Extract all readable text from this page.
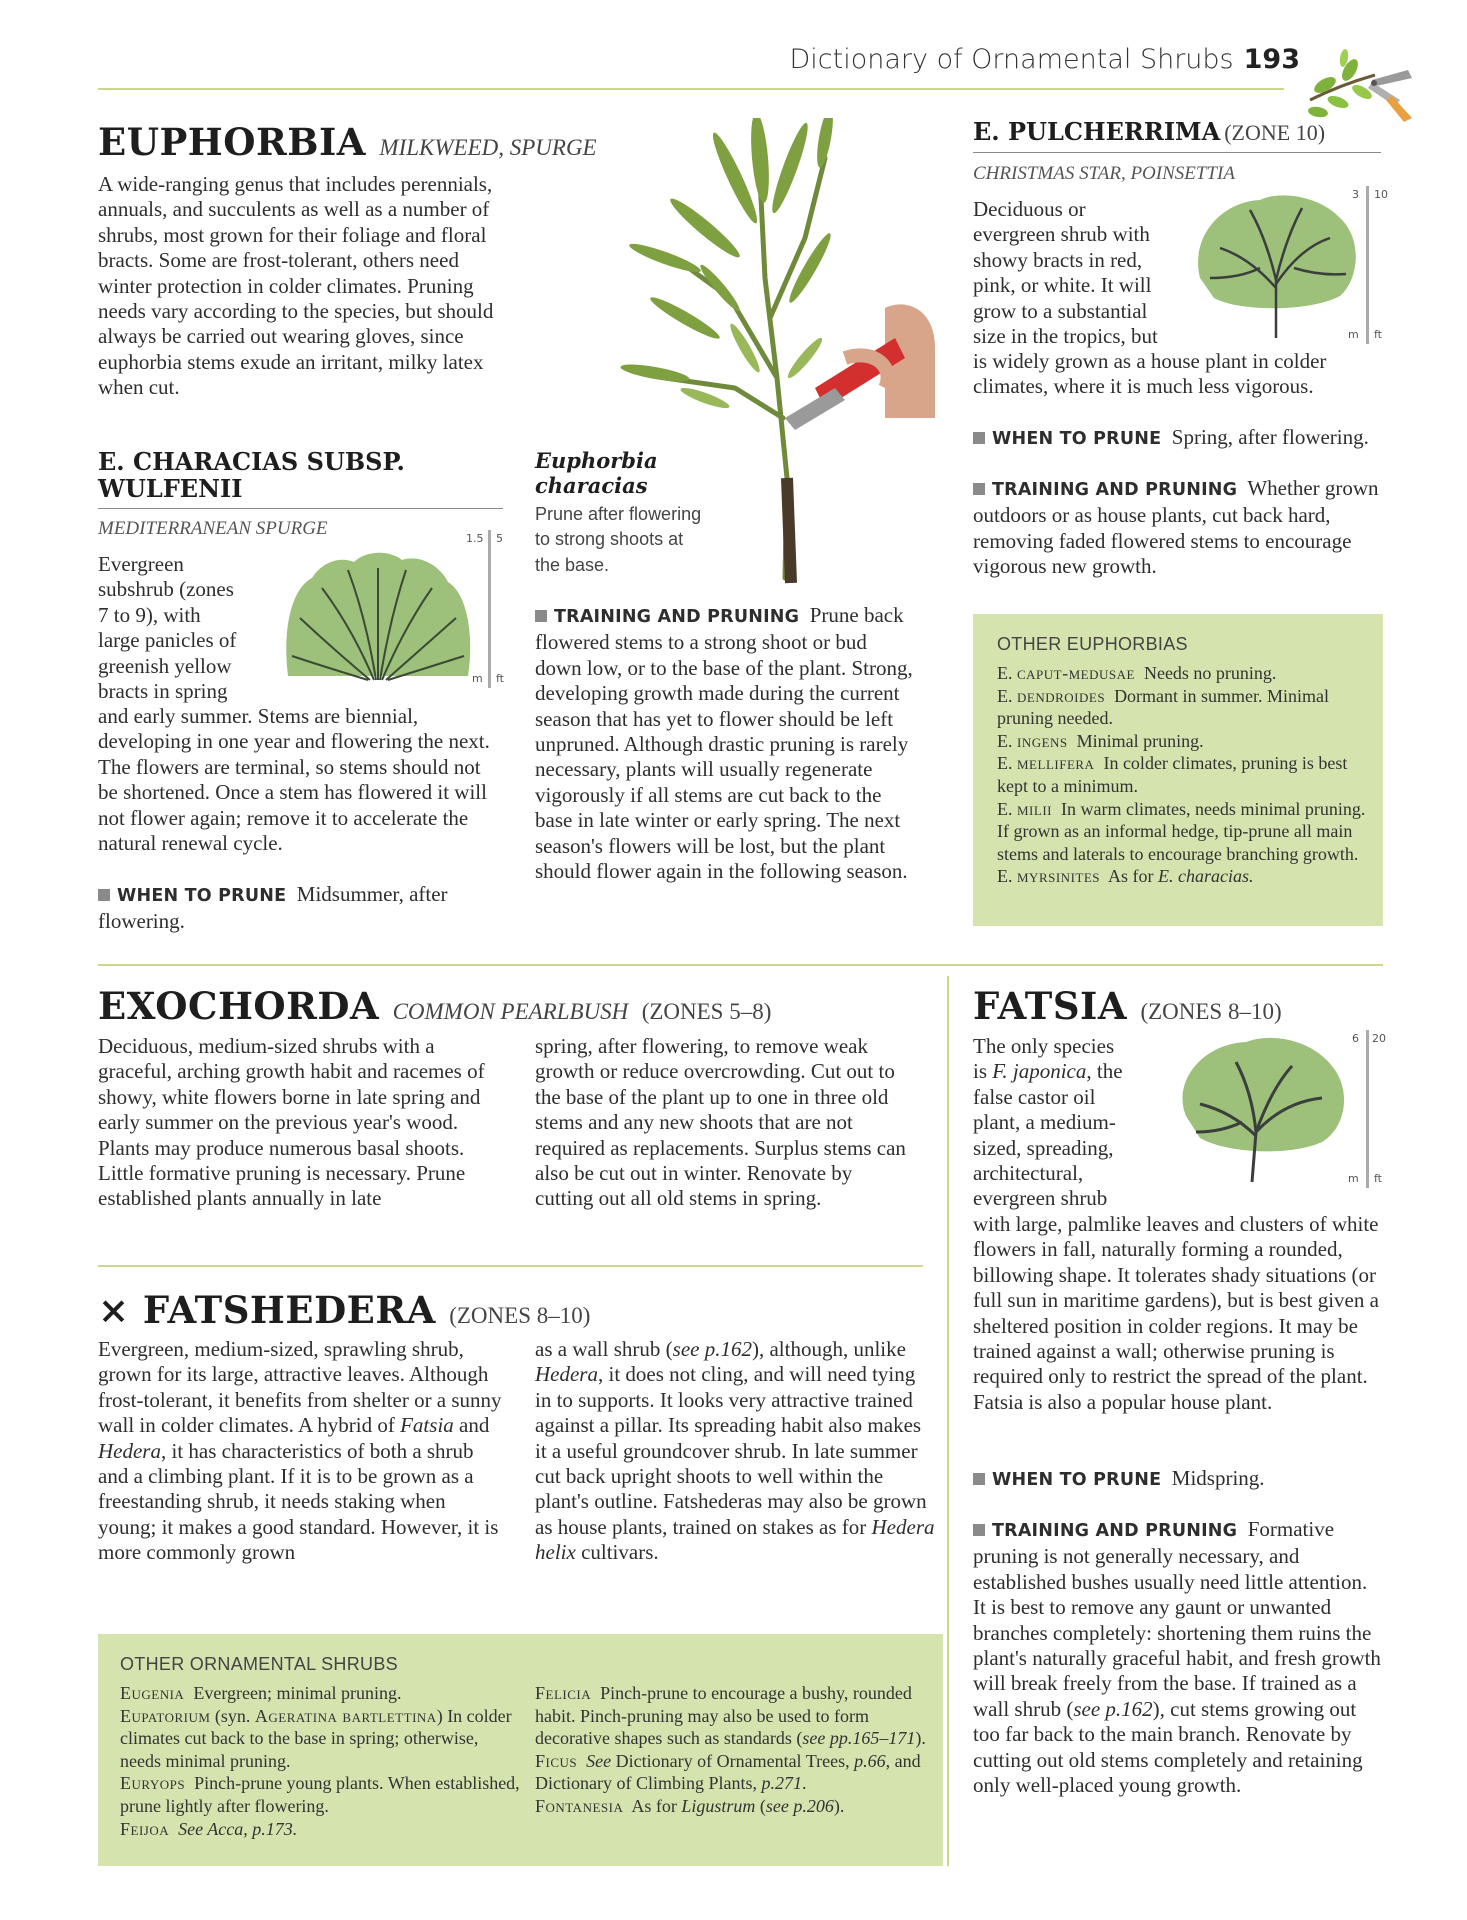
Dictionary of Ornamental Shrubs 193
EUPHORBIA MILKWEED, SPURGE
A wide-ranging genus that includes perennials, annuals, and succulents as well as a number of shrubs, most grown for their foliage and floral bracts. Some are frost-tolerant, others need winter protection in colder climates. Pruning needs vary according to the species, but should always be carried out wearing gloves, since euphorbia stems exude an irritant, milky latex when cut.
E. CHARACIAS SUBSP.
WULFENII
MEDITERRANEAN SPURGE
Evergreen
subshrub (zones
7 to 9), with
large panicles of
greenish yellow
bracts in spring
1.5 5
m ft
and early summer. Stems are biennial, developing in one year and flowering the next. The flowers are terminal, so stems should not be shortened. Once a stem has flowered it will not flower again; remove it to accelerate the natural renewal cycle.
WHEN TO PRUNE Midsummer, after flowering.
Euphorbia characias
Prune after flowering to strong shoots at the base.
TRAINING AND PRUNING Prune back flowered stems to a strong shoot or bud down low, or to the base of the plant. Strong, developing growth made during the current season that has yet to flower should be left unpruned. Although drastic pruning is rarely necessary, plants will usually regenerate vigorously if all stems are cut back to the base in late winter or early spring. The next season's flowers will be lost, but the plant should flower again in the following season.
E. PULCHERRIMA (ZONE 10)
CHRISTMAS STAR, POINSETTIA
Deciduous or
evergreen shrub with
showy bracts in red,
pink, or white. It will
grow to a substantial
size in the tropics, but
3 10
m ft
is widely grown as a house plant in colder climates, where it is much less vigorous.
WHEN TO PRUNE Spring, after flowering.
TRAINING AND PRUNING Whether grown outdoors or as house plants, cut back hard, removing faded flowered stems to encourage vigorous new growth.
OTHER EUPHORBIAS
E. caput-medusae Needs no pruning.
E. dendroides Dormant in summer. Minimal pruning needed.
E. ingens Minimal pruning.
E. mellifera In colder climates, pruning is best kept to a minimum.
E. milii In warm climates, needs minimal pruning. If grown as an informal hedge, tip-prune all main stems and laterals to encourage branching growth.
E. myrsinites As for E. characias.
EXOCHORDA COMMON PEARLBUSH (ZONES 5–8)
Deciduous, medium-sized shrubs with a graceful, arching growth habit and racemes of showy, white flowers borne in late spring and early summer on the previous year's wood. Plants may produce numerous basal shoots. Little formative pruning is necessary. Prune established plants annually in late
spring, after flowering, to remove weak growth or reduce overcrowding. Cut out to the base of the plant up to one in three old stems and any new shoots that are not required as replacements. Surplus stems can also be cut out in winter. Renovate by cutting out all old stems in spring.
× FATSHEDERA (ZONES 8–10)
Evergreen, medium-sized, sprawling shrub, grown for its large, attractive leaves. Although frost-tolerant, it benefits from shelter or a sunny wall in colder climates. A hybrid of Fatsia and Hedera, it has characteristics of both a shrub and a climbing plant. If it is to be grown as a freestanding shrub, it needs staking when young; it makes a good standard. However, it is more commonly grown
as a wall shrub (see p.162), although, unlike Hedera, it does not cling, and will need tying in to supports. It looks very attractive trained against a pillar. Its spreading habit also makes it a useful groundcover shrub. In late summer cut back upright shoots to well within the plant's outline. Fatshederas may also be grown as house plants, trained on stakes as for Hedera helix cultivars.
OTHER ORNAMENTAL SHRUBS
Eugenia Evergreen; minimal pruning.
Eupatorium (syn. Ageratina bartlettina) In colder climates cut back to the base in spring; otherwise, needs minimal pruning.
Euryops Pinch-prune young plants. When established, prune lightly after flowering.
Feijoa See Acca, p.173.
Felicia Pinch-prune to encourage a bushy, rounded habit. Pinch-pruning may also be used to form decorative shapes such as standards (see pp.165–171).
Ficus See Dictionary of Ornamental Trees, p.66, and Dictionary of Climbing Plants, p.271.
Fontanesia As for Ligustrum (see p.206).
FATSIA (ZONES 8–10)
The only species
is F. japonica, the
false castor oil
plant, a medium-
sized, spreading,
architectural,
evergreen shrub
6 20
m ft
with large, palmlike leaves and clusters of white flowers in fall, naturally forming a rounded, billowing shape. It tolerates shady situations (or full sun in maritime gardens), but is best given a sheltered position in colder regions. It may be trained against a wall; otherwise pruning is required only to restrict the spread of the plant. Fatsia is also a popular house plant.
WHEN TO PRUNE Midspring.
TRAINING AND PRUNING Formative pruning is not generally necessary, and established bushes usually need little attention. It is best to remove any gaunt or unwanted branches completely: shortening them ruins the plant's naturally graceful habit, and fresh growth will break freely from the base. If trained as a wall shrub (see p.162), cut stems growing out too far back to the main branch. Renovate by cutting out old stems completely and retaining only well-placed young growth.
